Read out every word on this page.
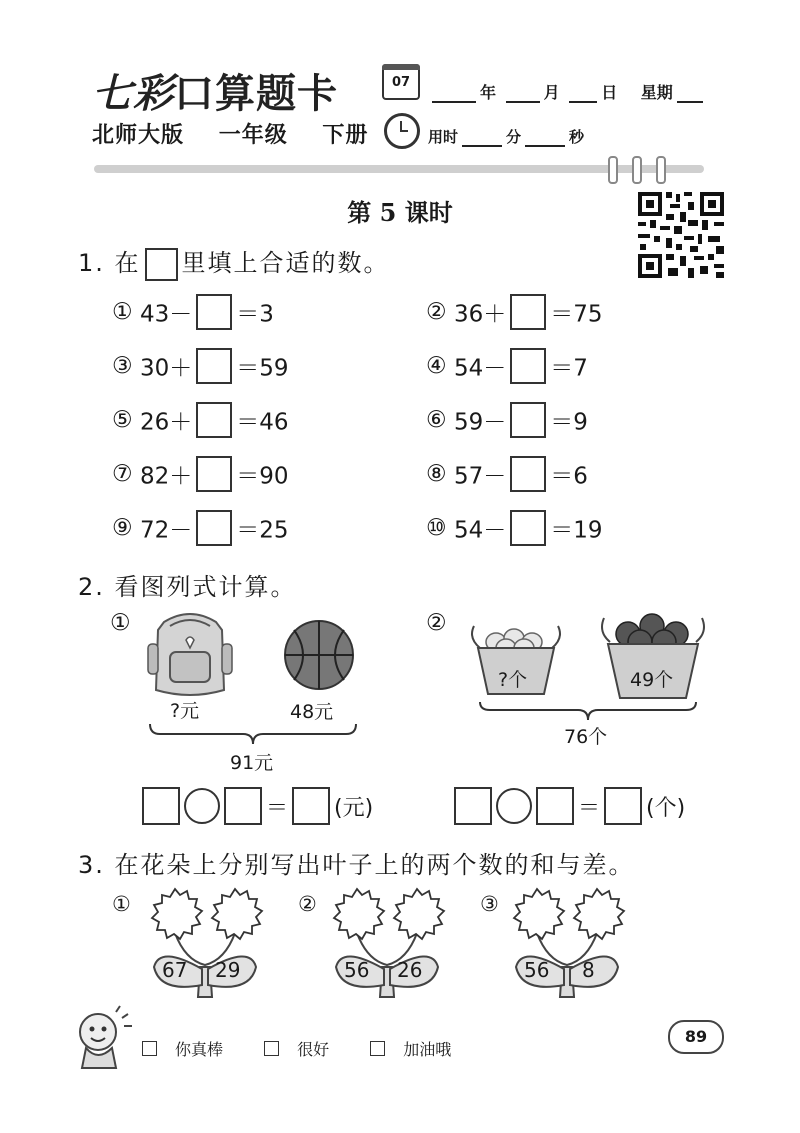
七彩口算题卡
北师大版 一年级 下册
07
年	月	日 星期
用时	分	秒
第 5 课时
1. 在 里填上合适的数。
① 43－ ＝3	② 36＋ ＝75
③ 30＋ ＝59	④ 54－ ＝7
⑤ 26＋ ＝46	⑥ 59－ ＝9
⑦ 82＋ ＝90	⑧ 57－ ＝6
⑨ 72－ ＝25	⑩ 54－ ＝19
2. 看图列式计算。
①
?元	48元
91元
②
?个	49个
76个
＝ (元)	＝ (个)
3. 在花朵上分别写出叶子上的两个数的和与差。
①
67 29
②
56 26
③
56 8
你真棒	很好	加油哦
89
